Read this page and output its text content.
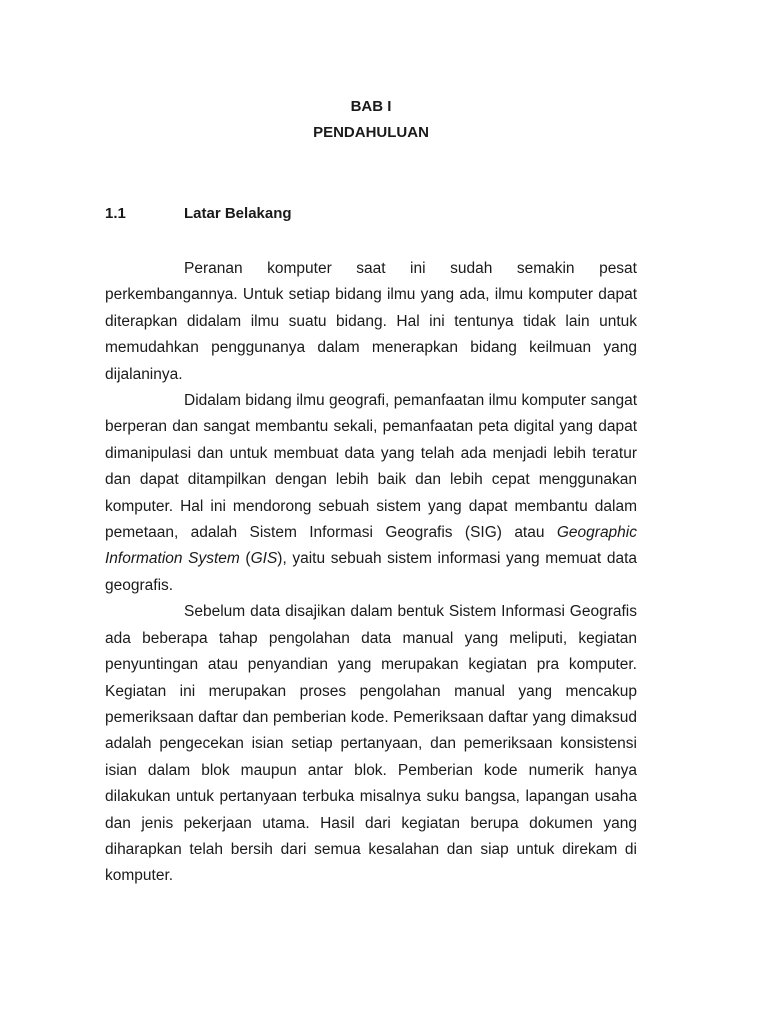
BAB I
PENDAHULUAN
1.1	Latar Belakang

Peranan komputer saat ini sudah semakin pesat perkembangannya. Untuk setiap bidang ilmu yang ada, ilmu komputer dapat diterapkan didalam ilmu suatu bidang. Hal ini tentunya tidak lain untuk memudahkan penggunanya dalam menerapkan bidang keilmuan yang dijalaninya.

Didalam bidang ilmu geografi, pemanfaatan ilmu komputer sangat berperan dan sangat membantu sekali, pemanfaatan peta digital yang dapat dimanipulasi dan untuk membuat data yang telah ada menjadi lebih teratur dan dapat ditampilkan dengan lebih baik dan lebih cepat menggunakan komputer. Hal ini mendorong sebuah sistem yang dapat membantu dalam pemetaan, adalah Sistem Informasi Geografis (SIG) atau Geographic Information System (GIS), yaitu sebuah sistem informasi yang memuat data geografis.

Sebelum data disajikan dalam bentuk Sistem Informasi Geografis ada beberapa tahap pengolahan data manual yang meliputi, kegiatan penyuntingan atau penyandian yang merupakan kegiatan pra komputer. Kegiatan ini merupakan proses pengolahan manual yang mencakup pemeriksaan daftar dan pemberian kode. Pemeriksaan daftar yang dimaksud adalah pengecekan isian setiap pertanyaan, dan pemeriksaan konsistensi isian dalam blok maupun antar blok. Pemberian kode numerik hanya dilakukan untuk pertanyaan terbuka misalnya suku bangsa, lapangan usaha dan jenis pekerjaan utama. Hasil dari kegiatan berupa dokumen yang diharapkan telah bersih dari semua kesalahan dan siap untuk direkam di komputer.
